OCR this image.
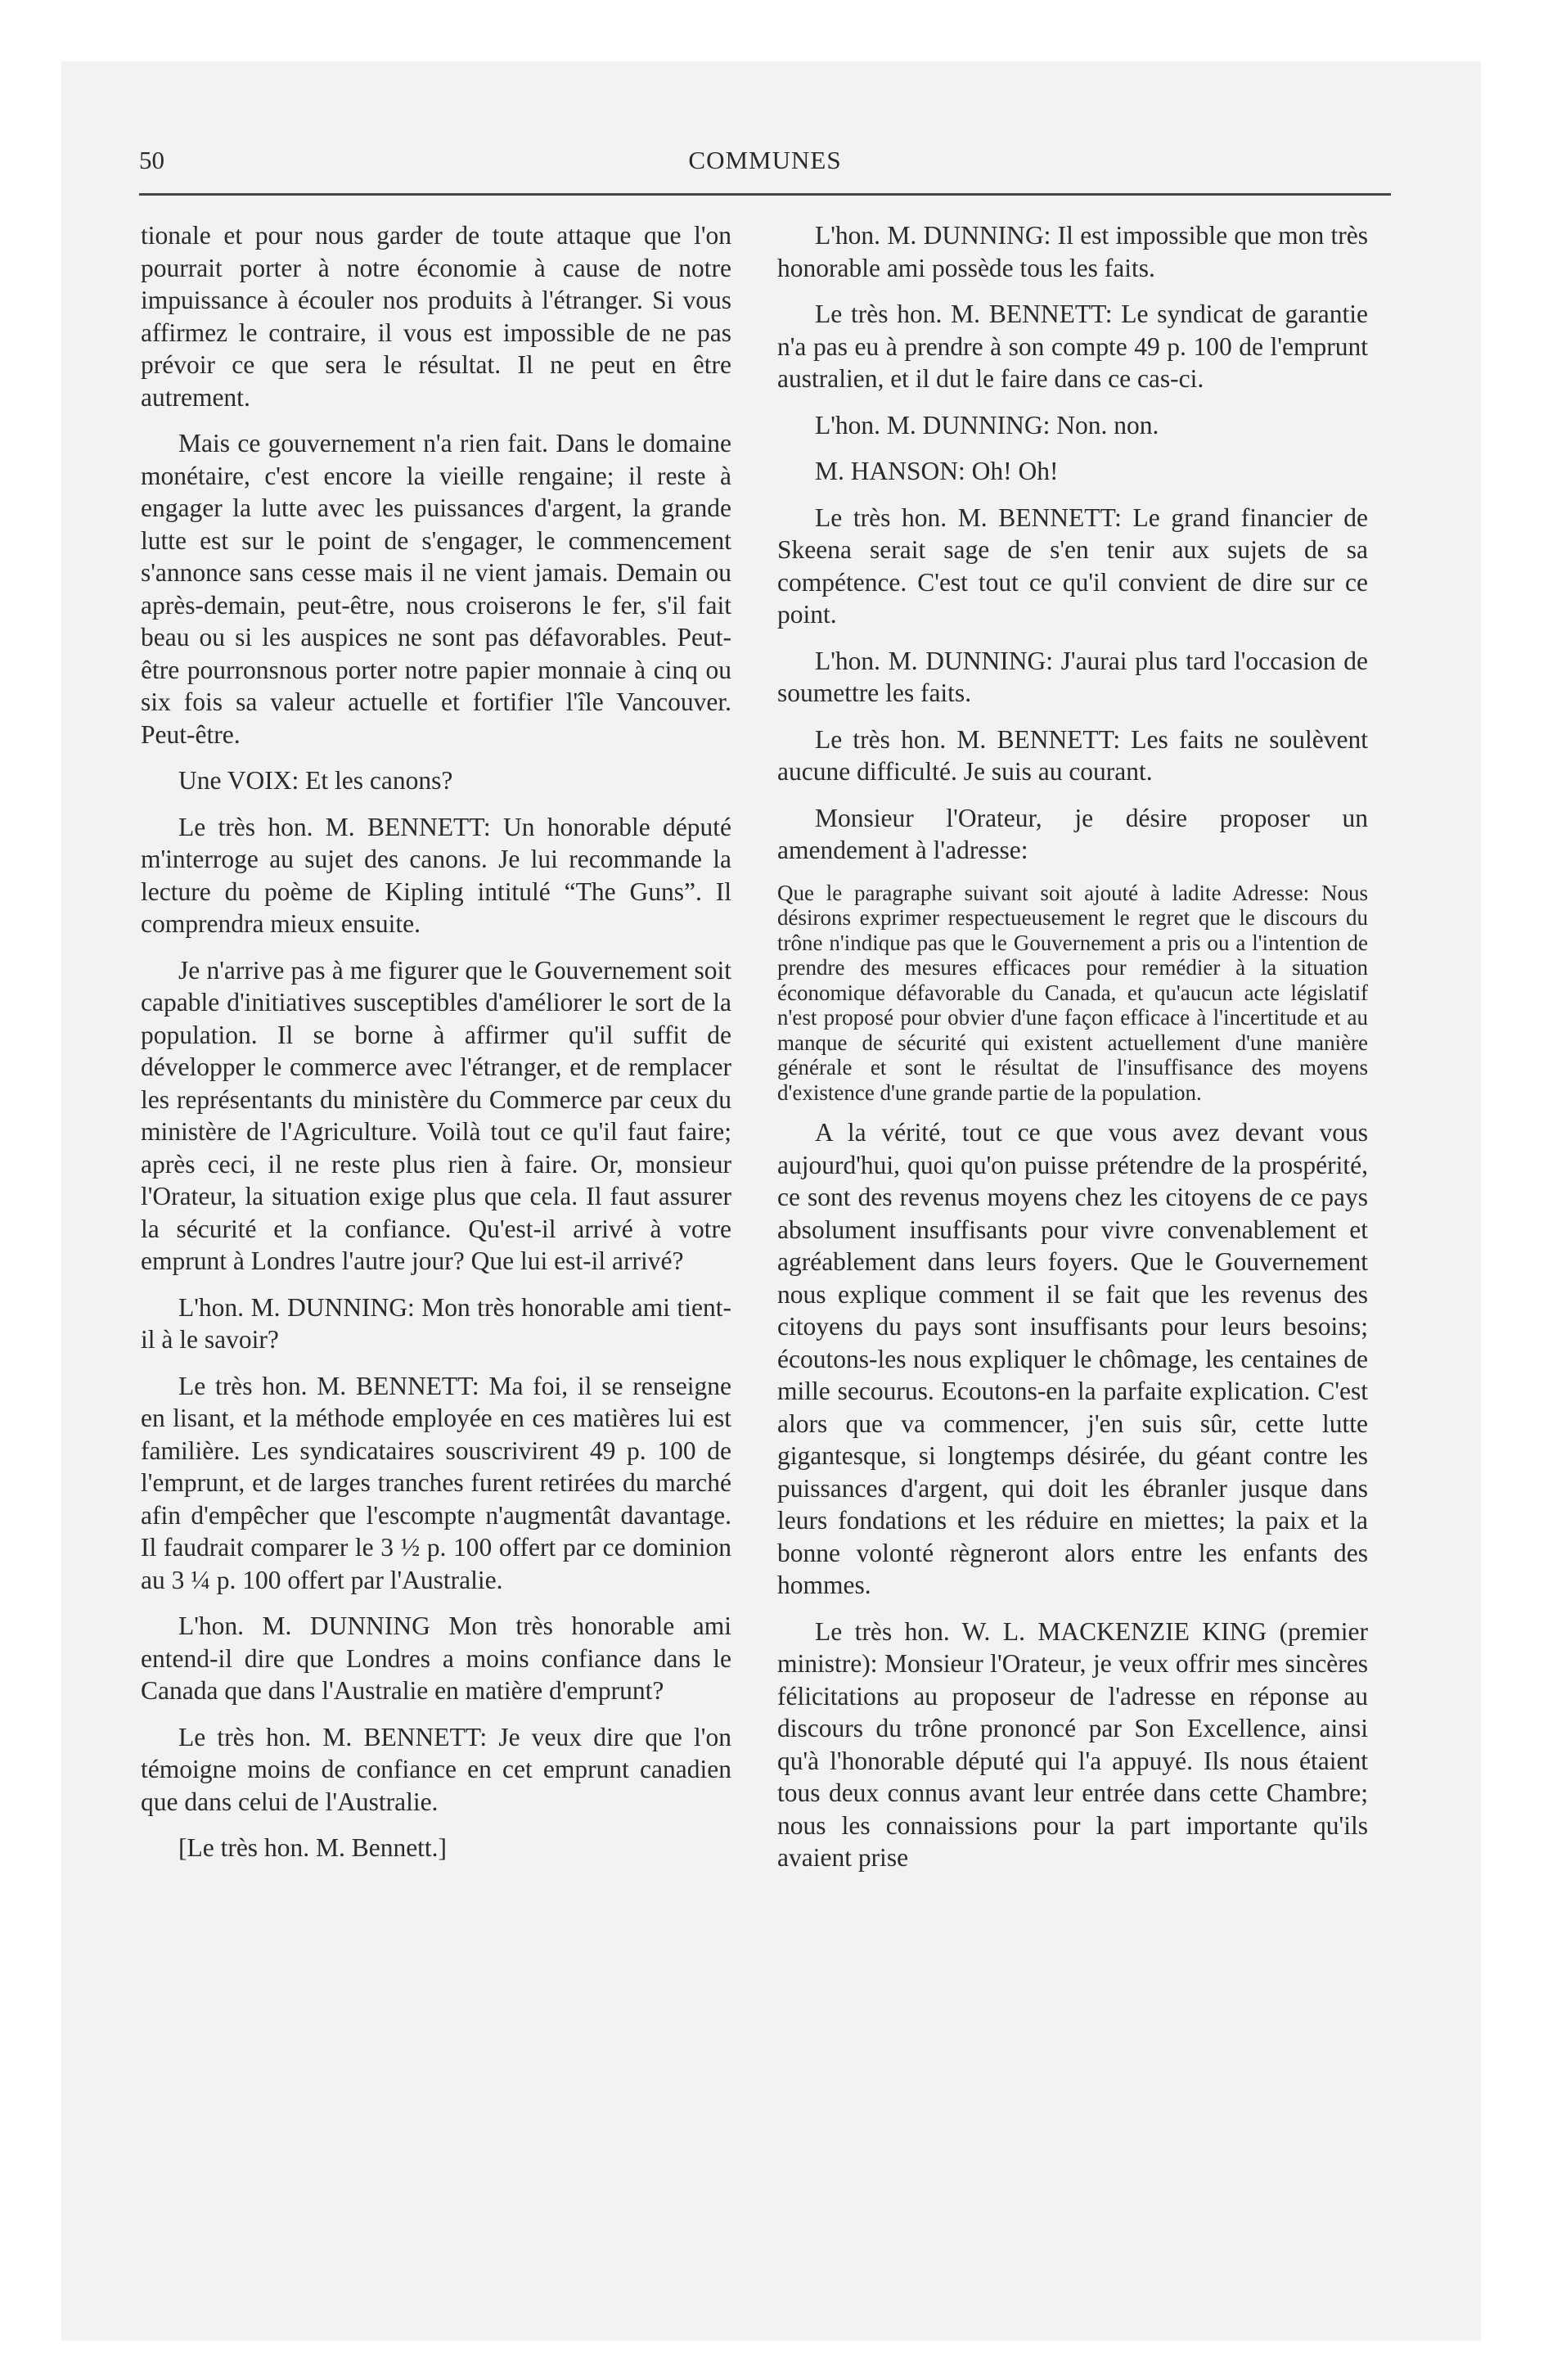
50	COMMUNES

tionale et pour nous garder de toute attaque que l'on pourrait porter à notre économie à cause de notre impuissance à écouler nos produits à l'étranger. Si vous affirmez le contraire, il vous est impossible de ne pas prévoir ce que sera le résultat. Il ne peut en être autrement.

Mais ce gouvernement n'a rien fait. Dans le domaine monétaire, c'est encore la vieille rengaine; il reste à engager la lutte avec les puissances d'argent, la grande lutte est sur le point de s'engager, le commencement s'annonce sans cesse mais il ne vient jamais. Demain ou après-demain, peut-être, nous croiserons le fer, s'il fait beau ou si les auspices ne sont pas défavorables. Peut-être pourronsnous porter notre papier monnaie à cinq ou six fois sa valeur actuelle et fortifier l'île Vancouver. Peut-être.

Une VOIX: Et les canons?

Le très hon. M. BENNETT: Un honorable député m'interroge au sujet des canons. Je lui recommande la lecture du poème de Kipling intitulé “The Guns”. Il comprendra mieux ensuite.

Je n'arrive pas à me figurer que le Gouvernement soit capable d'initiatives susceptibles d'améliorer le sort de la population. Il se borne à affirmer qu'il suffit de développer le commerce avec l'étranger, et de remplacer les représentants du ministère du Commerce par ceux du ministère de l'Agriculture. Voilà tout ce qu'il faut faire; après ceci, il ne reste plus rien à faire. Or, monsieur l'Orateur, la situation exige plus que cela. Il faut assurer la sécurité et la confiance. Qu'est-il arrivé à votre emprunt à Londres l'autre jour? Que lui est-il arrivé?

L'hon. M. DUNNING: Mon très honorable ami tient-il à le savoir?

Le très hon. M. BENNETT: Ma foi, il se renseigne en lisant, et la méthode employée en ces matières lui est familière. Les syndicataires souscrivirent 49 p. 100 de l'emprunt, et de larges tranches furent retirées du marché afin d'empêcher que l'escompte n'augmentât davantage. Il faudrait comparer le 3 ½ p. 100 offert par ce dominion au 3 ¼ p. 100 offert par l'Australie.

L'hon. M. DUNNING Mon très honorable ami entend-il dire que Londres a moins confiance dans le Canada que dans l'Australie en matière d'emprunt?

Le très hon. M. BENNETT: Je veux dire que l'on témoigne moins de confiance en cet emprunt canadien que dans celui de l'Australie.

[Le très hon. M. Bennett.]

L'hon. M. DUNNING: Il est impossible que mon très honorable ami possède tous les faits.

Le très hon. M. BENNETT: Le syndicat de garantie n'a pas eu à prendre à son compte 49 p. 100 de l'emprunt australien, et il dut le faire dans ce cas-ci.

L'hon. M. DUNNING: Non. non.

M. HANSON: Oh! Oh!

Le très hon. M. BENNETT: Le grand financier de Skeena serait sage de s'en tenir aux sujets de sa compétence. C'est tout ce qu'il convient de dire sur ce point.

L'hon. M. DUNNING: J'aurai plus tard l'occasion de soumettre les faits.

Le très hon. M. BENNETT: Les faits ne soulèvent aucune difficulté. Je suis au courant.

Monsieur l'Orateur, je désire proposer un amendement à l'adresse:

Que le paragraphe suivant soit ajouté à ladite Adresse: Nous désirons exprimer respectueusement le regret que le discours du trône n'indique pas que le Gouvernement a pris ou a l'intention de prendre des mesures efficaces pour remédier à la situation économique défavorable du Canada, et qu'aucun acte législatif n'est proposé pour obvier d'une façon efficace à l'incertitude et au manque de sécurité qui existent actuellement d'une manière générale et sont le résultat de l'insuffisance des moyens d'existence d'une grande partie de la population.

A la vérité, tout ce que vous avez devant vous aujourd'hui, quoi qu'on puisse prétendre de la prospérité, ce sont des revenus moyens chez les citoyens de ce pays absolument insuffisants pour vivre convenablement et agréablement dans leurs foyers. Que le Gouvernement nous explique comment il se fait que les revenus des citoyens du pays sont insuffisants pour leurs besoins; écoutons-les nous expliquer le chômage, les centaines de mille secourus. Ecoutons-en la parfaite explication. C'est alors que va commencer, j'en suis sûr, cette lutte gigantesque, si longtemps désirée, du géant contre les puissances d'argent, qui doit les ébranler jusque dans leurs fondations et les réduire en miettes; la paix et la bonne volonté règneront alors entre les enfants des hommes.

Le très hon. W. L. MACKENZIE KING (premier ministre): Monsieur l'Orateur, je veux offrir mes sincères félicitations au proposeur de l'adresse en réponse au discours du trône prononcé par Son Excellence, ainsi qu'à l'honorable député qui l'a appuyé. Ils nous étaient tous deux connus avant leur entrée dans cette Chambre; nous les connaissions pour la part importante qu'ils avaient prise
